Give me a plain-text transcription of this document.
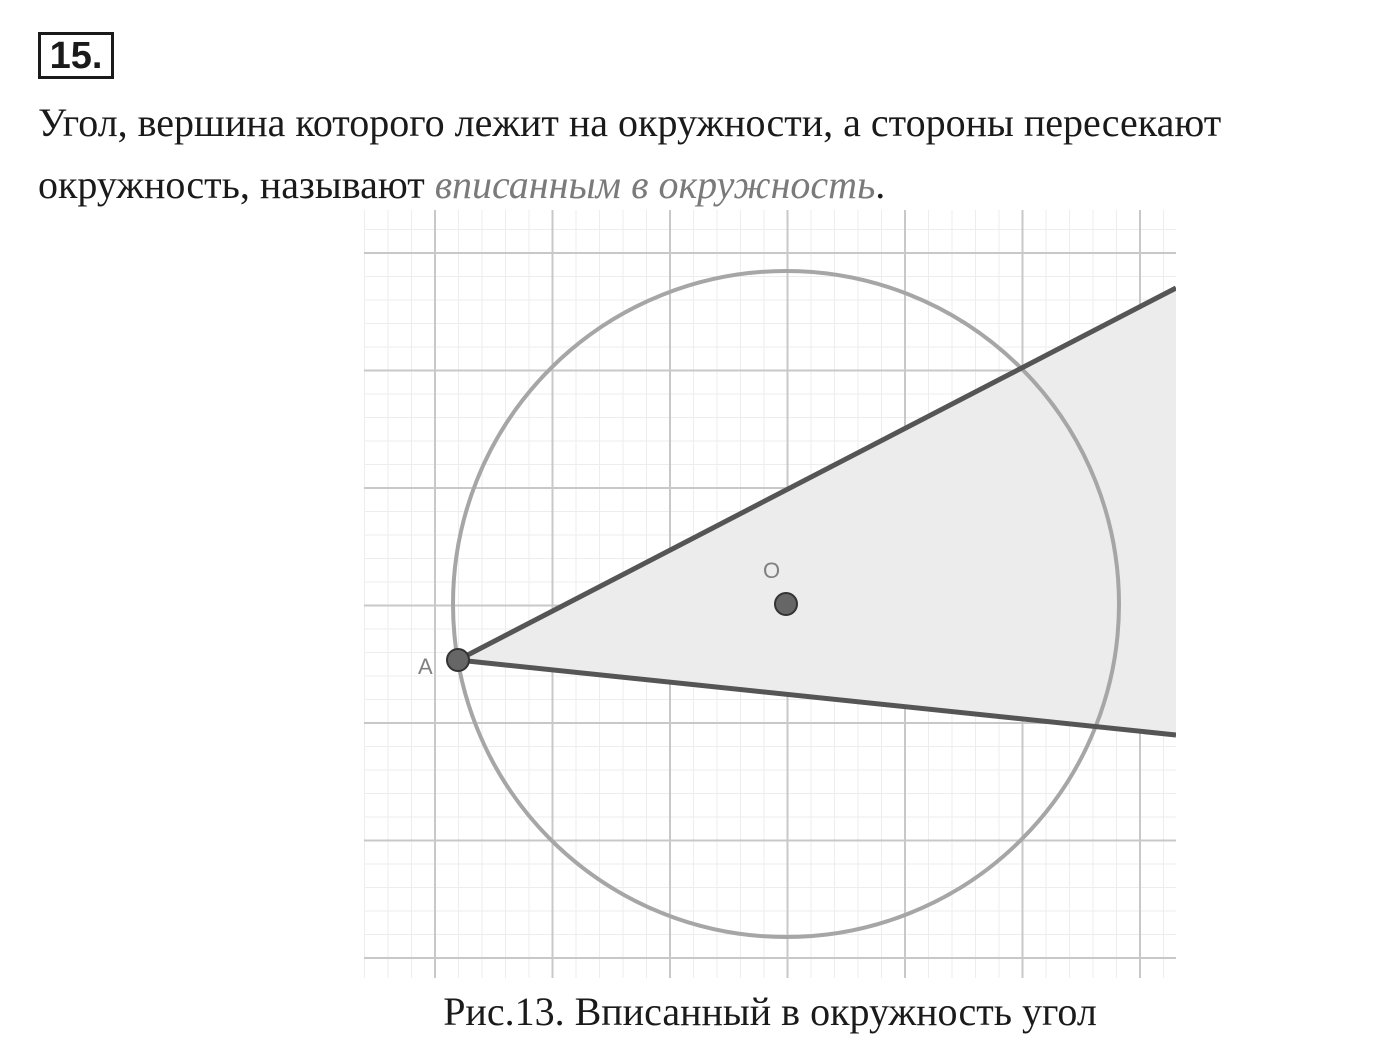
15.
Угол, вершина которого лежит на окружности, а стороны пересекают окружность, называют вписанным в окружность.
A
O
Рис.13. Вписанный в окружность угол
